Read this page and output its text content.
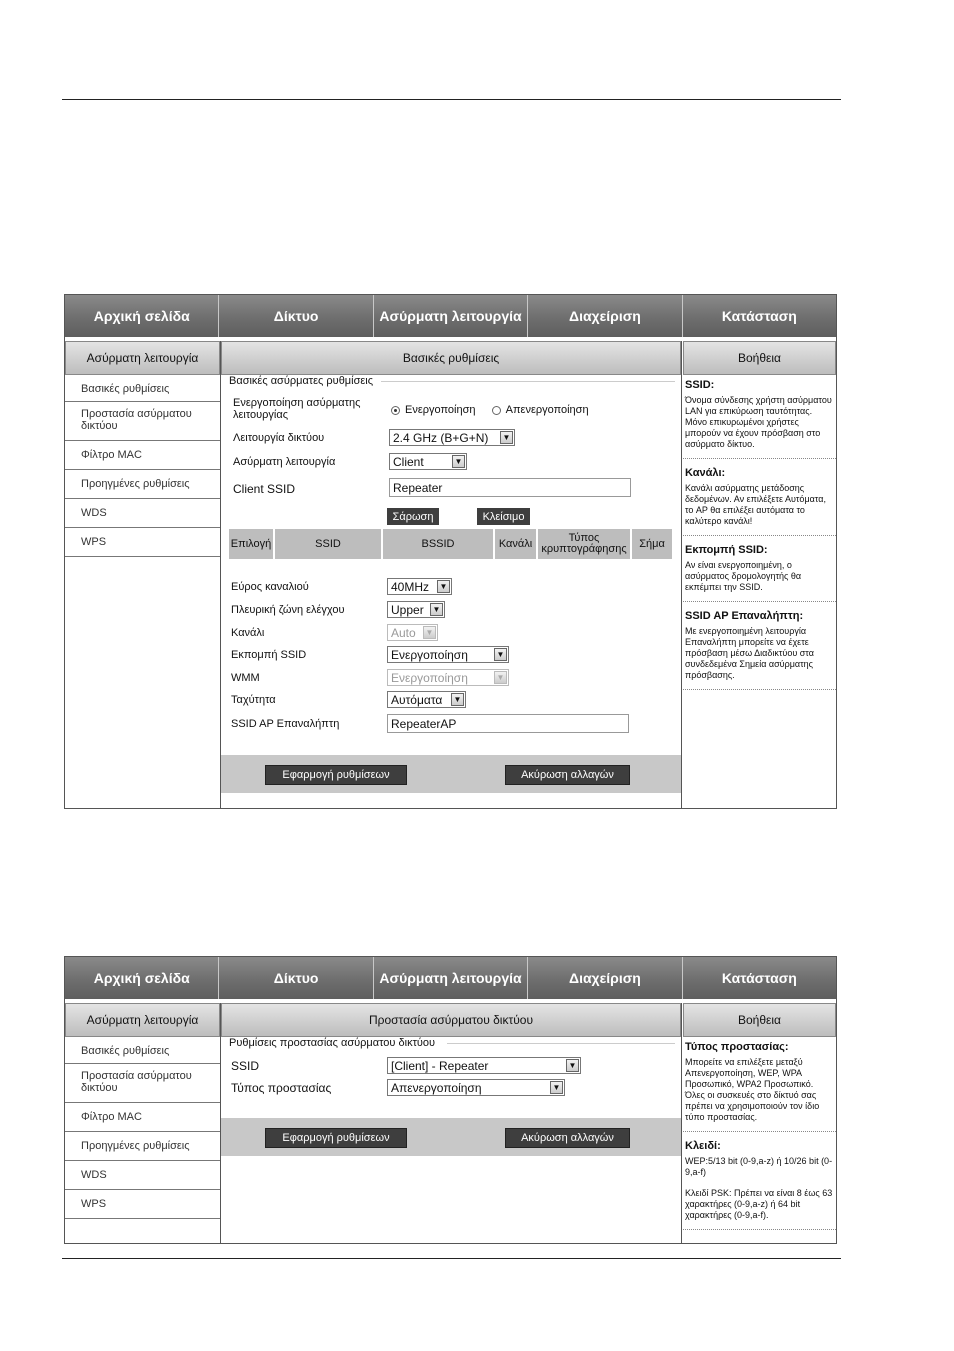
Αρχική σελίδα	Δίκτυο	Ασύρματη λειτουργία	Διαχείριση	Κατάσταση
Ασύρματη λειτουργία
Βασικές ρυθμίσεις
Προστασία ασύρματου δικτύου
Φίλτρο MAC
Προηγμένες ρυθμίσεις
WDS
WPS
Βασικές ρυθμίσεις
Βασικές ασύρματες ρυθμίσεις
Ενεργοποίηση ασύρματης λειτουργίας	Ενεργοποίηση	Απενεργοποίηση
Λειτουργία δικτύου	2.4 GHz (B+G+N)	▼
Ασύρματη λειτουργία	Client	▼
Client SSID	Repeater
Σάρωση	Κλείσιμο
Επιλογή	SSID	BSSID	Κανάλι	Τύπος κρυπτογράφησης	Σήμα
Εύρος καναλιού	40MHz	▼
Πλευρική ζώνη ελέγχου	Upper	▼
Κανάλι	Auto	▼
Εκπομπή SSID	Ενεργοποίηση	▼
WMM	Ενεργοποίηση	▼
Ταχύτητα	Αυτόματα	▼
SSID AP Επαναλήπτη	RepeaterAP
Εφαρμογή ρυθμίσεων	Ακύρωση αλλαγών
Βοήθεια
SSID:
Όνομα σύνδεσης χρήστη ασύρματου LAN για επικύρωση ταυτότητας. Μόνο επικυρωμένοι χρήστες μπορούν να έχουν πρόσβαση στο ασύρματο δίκτυο.
Κανάλι:
Κανάλι ασύρματης μετάδοσης δεδομένων. Αν επιλέξετε Αυτόματα, το AP θα επιλέξει αυτόματα το καλύτερο κανάλι!
Εκπομπή SSID:
Αν είναι ενεργοποιημένη, ο ασύρματος δρομολογητής θα εκπέμπει την SSID.
SSID AP Επαναλήπτη:
Με ενεργοποιημένη λειτουργία Επαναλήπτη μπορείτε να έχετε πρόσβαση μέσω Διαδικτύου στα συνδεδεμένα Σημεία ασύρματης πρόσβασης.
Αρχική σελίδα	Δίκτυο	Ασύρματη λειτουργία	Διαχείριση	Κατάσταση
Ασύρματη λειτουργία
Βασικές ρυθμίσεις
Προστασία ασύρματου δικτύου
Φίλτρο MAC
Προηγμένες ρυθμίσεις
WDS
WPS
Προστασία ασύρματου δικτύου
Ρυθμίσεις προστασίας ασύρματου δικτύου
SSID	[Client] - Repeater	▼
Τύπος προστασίας	Απενεργοποίηση	▼
Εφαρμογή ρυθμίσεων	Ακύρωση αλλαγών
Βοήθεια
Τύπος προστασίας:
Μπορείτε να επιλέξετε μεταξύ Απενεργοποίηση, WEP, WPA Προσωπικό, WPA2 Προσωπικό. Όλες οι συσκευές στο δίκτυό σας πρέπει να χρησιμοποιούν τον ίδιο τύπο προστασίας.
Κλειδί:
WEP:5/13 bit (0-9,a-z) ή 10/26 bit (0-9,a-f)
Κλειδί PSK: Πρέπει να είναι 8 έως 63 χαρακτήρες (0-9,a-z) ή 64 bit χαρακτήρες (0-9,a-f).
